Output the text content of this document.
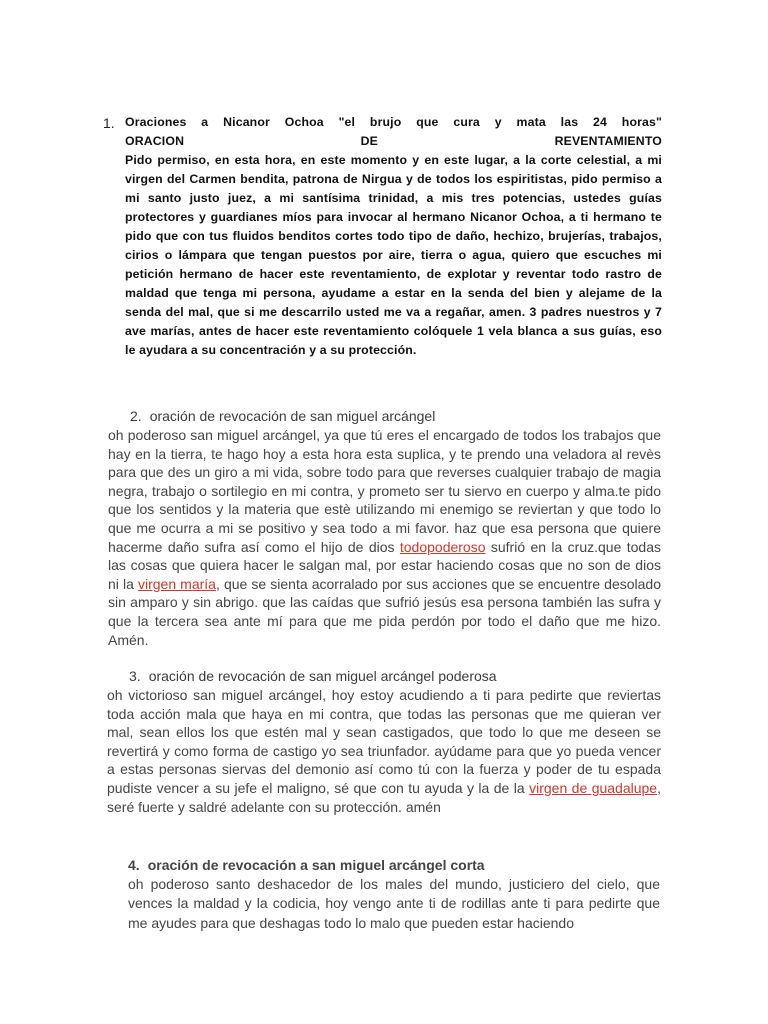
1. Oraciones a Nicanor Ochoa "el brujo que cura y mata las 24 horas"
ORACION	DE	REVENTAMIENTO
Pido permiso, en esta hora, en este momento y en este lugar, a la corte celestial, a mi virgen del Carmen bendita, patrona de Nirgua y de todos los espiritistas, pido permiso a mi santo justo juez, a mi santísima trinidad, a mis tres potencias, ustedes guías protectores y guardianes míos para invocar al hermano Nicanor Ochoa, a ti hermano te pido que con tus fluidos benditos cortes todo tipo de daño, hechizo, brujerías, trabajos, cirios o lámpara que tengan puestos por aire, tierra o agua, quiero que escuches mi petición hermano de hacer este reventamiento, de explotar y reventar todo rastro de maldad que tenga mi persona, ayudame a estar en la senda del bien y alejame de la senda del mal, que si me descarrilo usted me va a regañar, amen. 3 padres nuestros y 7 ave marías, antes de hacer este reventamiento colóquele 1 vela blanca a sus guías, eso le ayudara a su concentración y a su protección.
2. oración de revocación de san miguel arcángel
oh poderoso san miguel arcángel, ya que tú eres el encargado de todos los trabajos que hay en la tierra, te hago hoy a esta hora esta suplica, y te prendo una veladora al revès para que des un giro a mi vida, sobre todo para que reverses cualquier trabajo de magia negra, trabajo o sortilegio en mi contra, y prometo ser tu siervo en cuerpo y alma.te pido que los sentidos y la materia que estè utilizando mi enemigo se reviertan y que todo lo que me ocurra a mi se positivo y sea todo a mi favor. haz que esa persona que quiere hacerme daño sufra así como el hijo de dios todopoderoso sufrió en la cruz.que todas las cosas que quiera hacer le salgan mal, por estar haciendo cosas que no son de dios ni la virgen maría, que se sienta acorralado por sus acciones que se encuentre desolado sin amparo y sin abrigo. que las caídas que sufrió jesús esa persona también las sufra y que la tercera sea ante mí para que me pida perdón por todo el daño que me hizo. Amén.
3. oración de revocación de san miguel arcángel poderosa
oh victorioso san miguel arcángel, hoy estoy acudiendo a ti para pedirte que reviertas toda acción mala que haya en mi contra, que todas las personas que me quieran ver mal, sean ellos los que estén mal y sean castigados, que todo lo que me deseen se revertirá y como forma de castigo yo sea triunfador. ayúdame para que yo pueda vencer a estas personas siervas del demonio así como tú con la fuerza y poder de tu espada pudiste vencer a su jefe el maligno, sé que con tu ayuda y la de la virgen de guadalupe, seré fuerte y saldré adelante con su protección. amén
4. oración de revocación a san miguel arcángel corta
oh poderoso santo deshacedor de los males del mundo, justiciero del cielo, que vences la maldad y la codicia, hoy vengo ante ti de rodillas ante ti para pedirte que me ayudes para que deshagas todo lo malo que pueden estar haciendo
